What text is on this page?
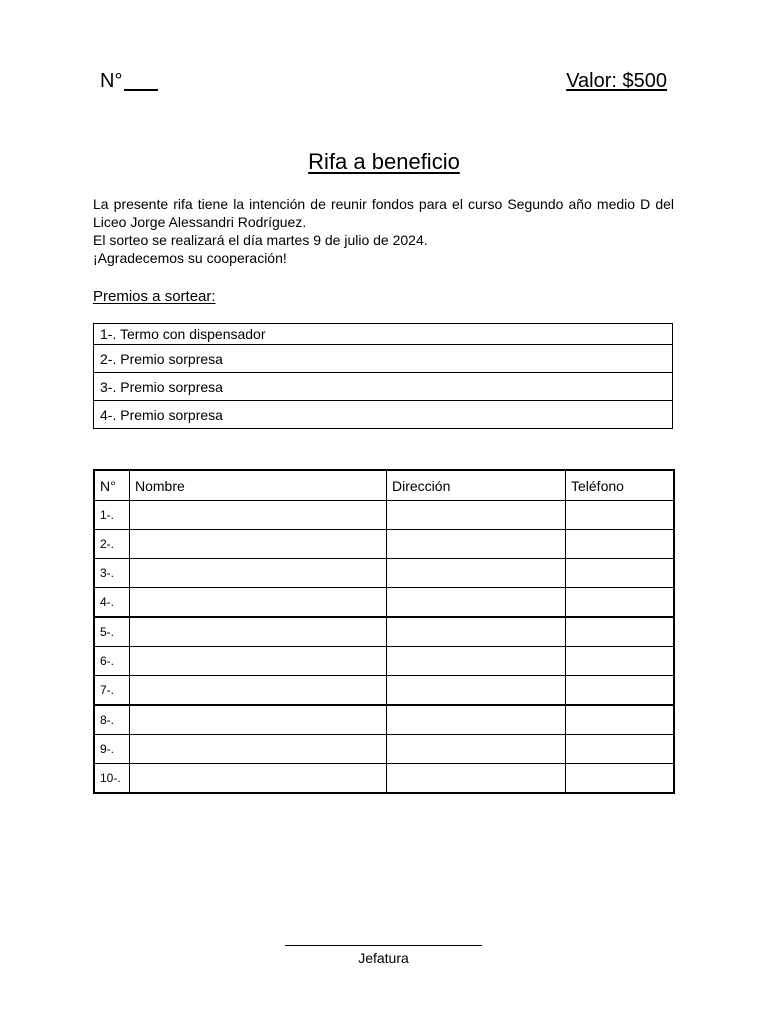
N°	Valor: $500
Rifa a beneficio

La presente rifa tiene la intención de reunir fondos para el curso Segundo año medio D del Liceo Jorge Alessandri Rodríguez.

El sorteo se realizará el día martes 9 de julio de 2024.

¡Agradecemos su cooperación!

Premios a sortear:
1-. Termo con dispensador
2-. Premio sorpresa
3-. Premio sorpresa
4-. Premio sorpresa
N°	Nombre	Dirección	Teléfono
1-.			
2-.			
3-.			
4-.			
5-.			
6-.			
7-.			
8-.			
9-.			
10-.			
Jefatura
